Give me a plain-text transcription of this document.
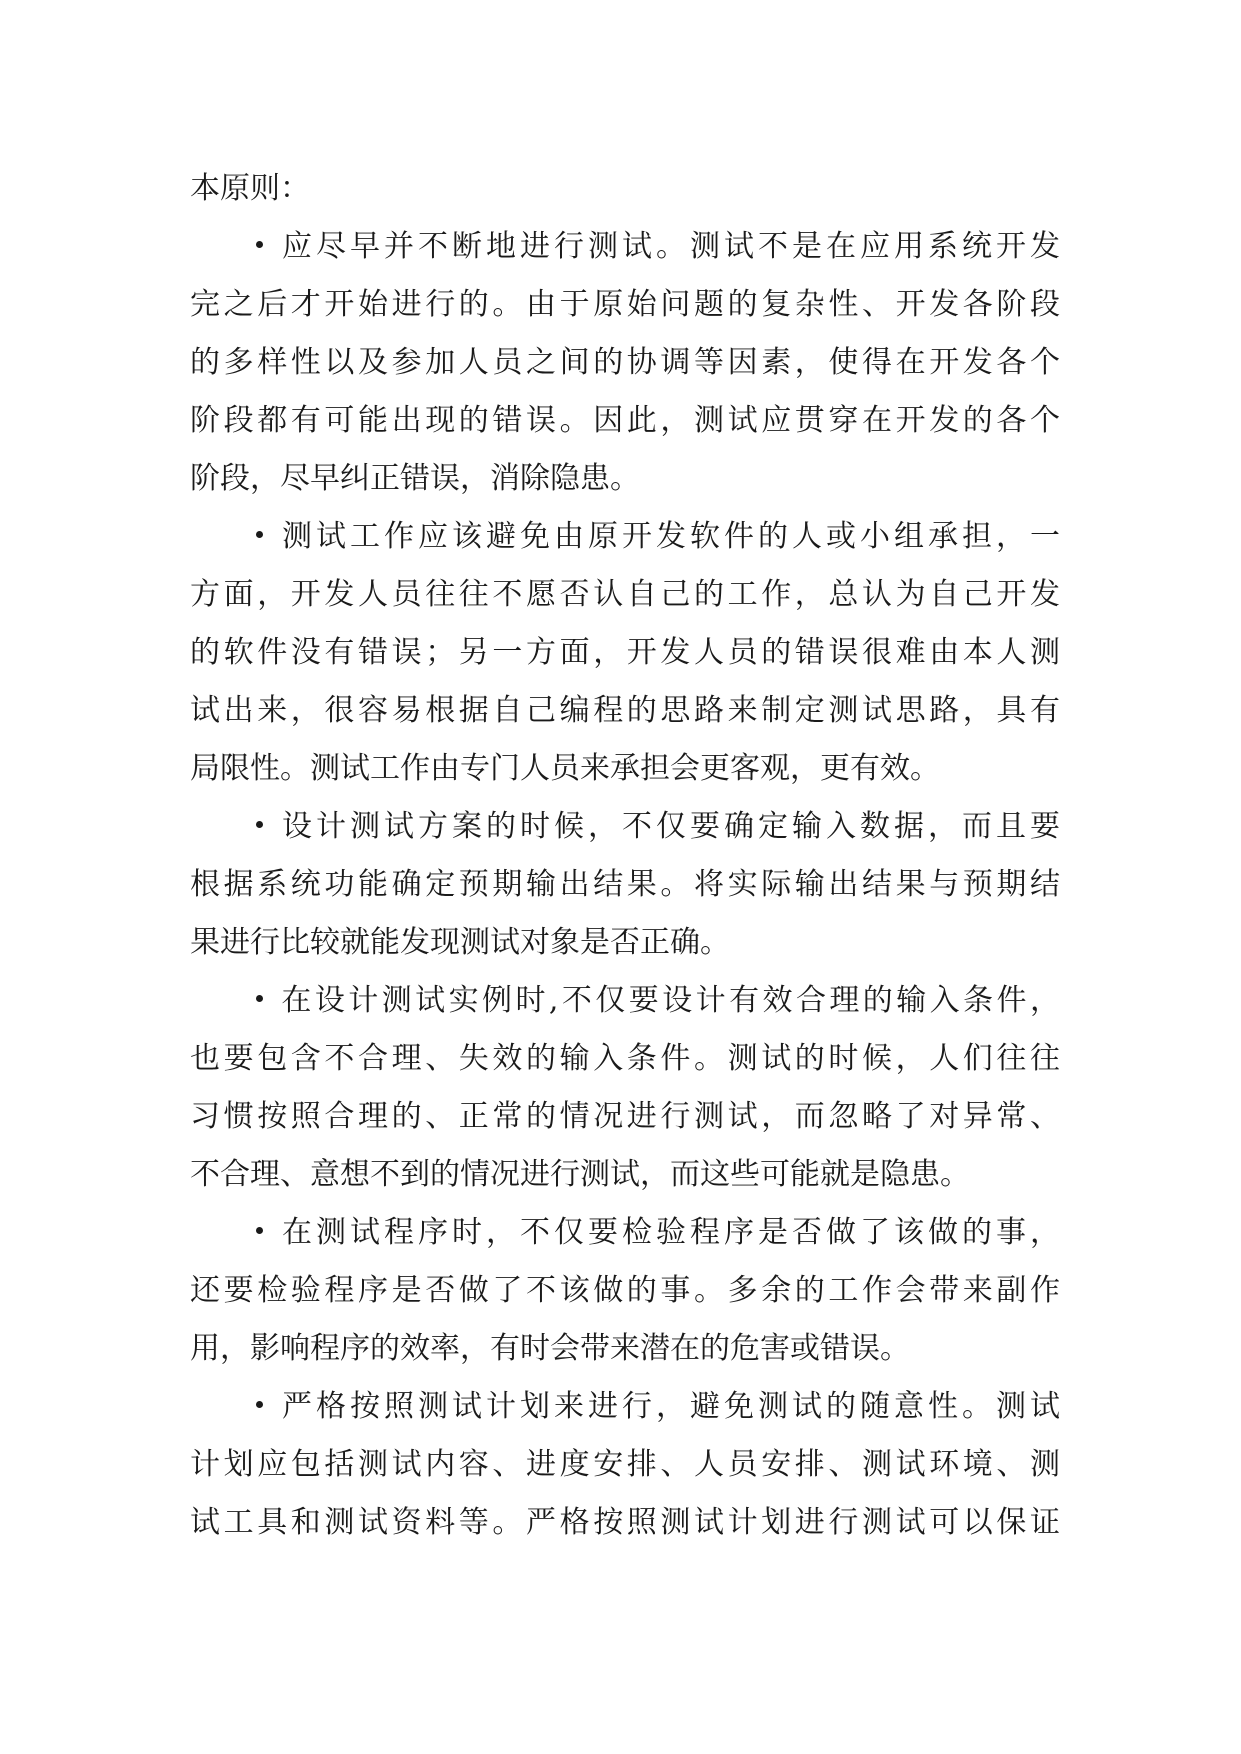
本原则：
应尽早并不断地进行测试。测试不是在应用系统开发
完之后才开始进行的。由于原始问题的复杂性、开发各阶段
的多样性以及参加人员之间的协调等因素，使得在开发各个
阶段都有可能出现的错误。因此，测试应贯穿在开发的各个
阶段，尽早纠正错误，消除隐患。
测试工作应该避免由原开发软件的人或小组承担，一
方面，开发人员往往不愿否认自己的工作，总认为自己开发
的软件没有错误；另一方面，开发人员的错误很难由本人测
试出来，很容易根据自己编程的思路来制定测试思路，具有
局限性。测试工作由专门人员来承担会更客观，更有效。
设计测试方案的时候，不仅要确定输入数据，而且要
根据系统功能确定预期输出结果。将实际输出结果与预期结
果进行比较就能发现测试对象是否正确。
在设计测试实例时,不仅要设计有效合理的输入条件，
也要包含不合理、失效的输入条件。测试的时候，人们往往
习惯按照合理的、正常的情况进行测试，而忽略了对异常、
不合理、意想不到的情况进行测试，而这些可能就是隐患。
在测试程序时，不仅要检验程序是否做了该做的事，
还要检验程序是否做了不该做的事。多余的工作会带来副作
用，影响程序的效率，有时会带来潜在的危害或错误。
严格按照测试计划来进行，避免测试的随意性。测试
计划应包括测试内容、进度安排、人员安排、测试环境、测
试工具和测试资料等。严格按照测试计划进行测试可以保证
